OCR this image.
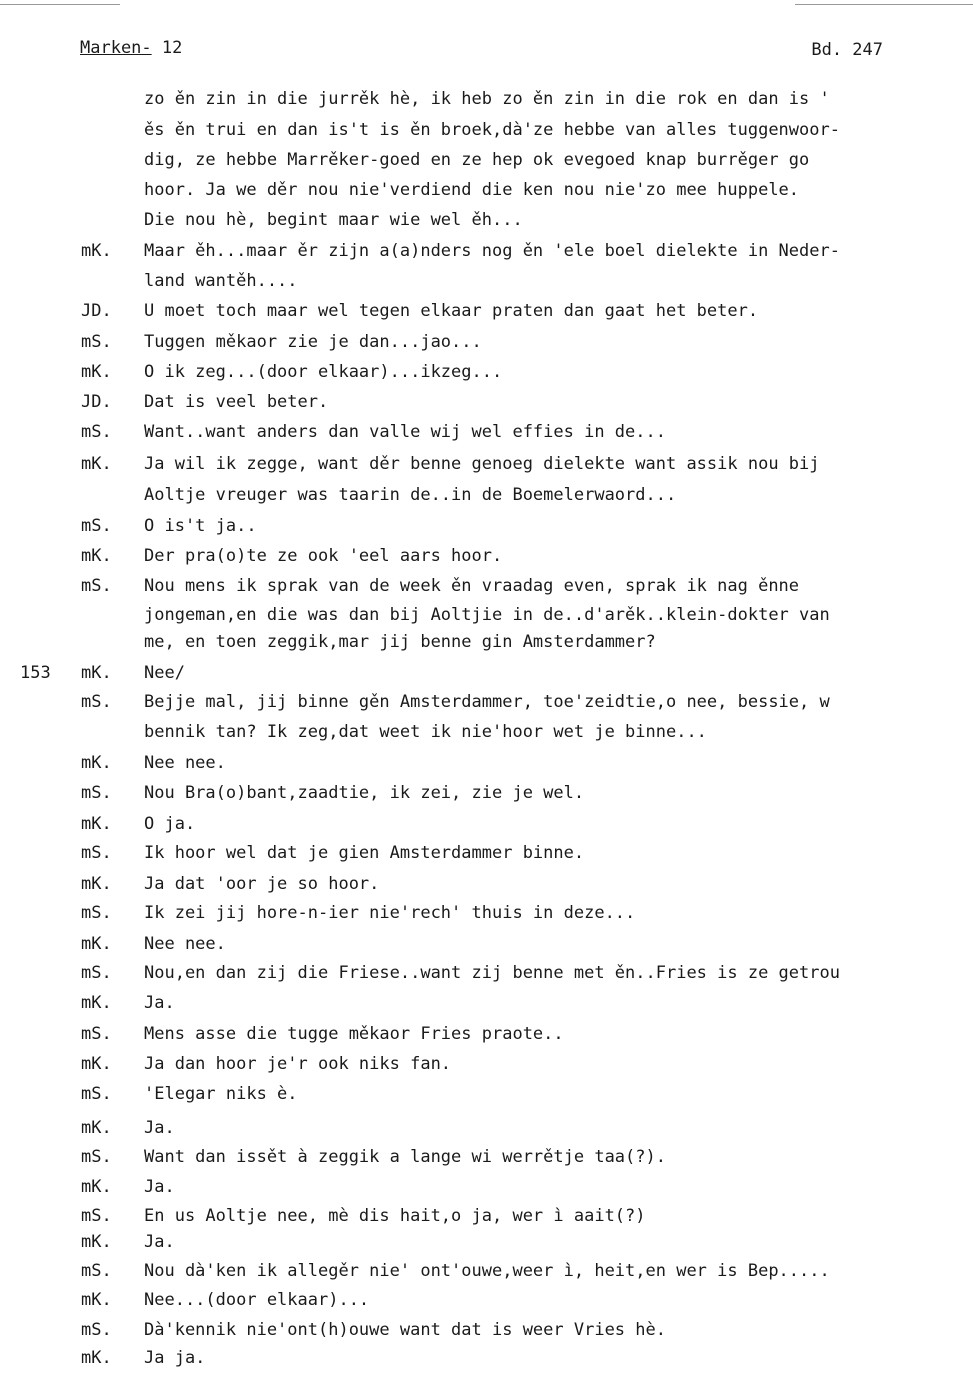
Marken- 12	Bd. 247
zo ěn zin in die jurrěk hè, ik heb zo ěn zin in die rok en dan is '
ěs ěn trui en dan is't is ěn broek,dà'ze hebbe van alles tuggenwoor-
dig, ze hebbe Marrěker-goed en ze hep ok evegoed knap burrěger go
hoor. Ja we děr nou nie'verdiend die ken nou nie'zo mee huppele.
Die nou hè, begint maar wie wel ěh...
mK. Maar ěh...maar ěr zijn a(a)nders nog ěn 'ele boel dielekte in Neder-
land wantěh....
JD. U moet toch maar wel tegen elkaar praten dan gaat het beter.
mS. Tuggen měkaor zie je dan...jao...
mK. O ik zeg...(door elkaar)...ikzeg...
JD. Dat is veel beter.
mS. Want..want anders dan valle wij wel effies in de...
mK. Ja wil ik zegge, want děr benne genoeg dielekte want assik nou bij
Aoltje vreuger was taarin de..in de Boemelerwaord...
mS. O is't ja..
mK. Der pra(o)te ze ook 'eel aars hoor.
mS. Nou mens ik sprak van de week ěn vraadag even, sprak ik nag ěnne
jongeman,en die was dan bij Aoltjie in de..d'arěk..klein-dokter van
me, en toen zeggik,mar jij benne gin Amsterdammer?
153 mK. Nee/
mS. Bejje mal, jij binne gěn Amsterdammer, toe'zeidtie,o nee, bessie, w
bennik tan? Ik zeg,dat weet ik nie'hoor wet je binne...
mK. Nee nee.
mS. Nou Bra(o)bant,zaadtie, ik zei, zie je wel.
mK. O ja.
mS. Ik hoor wel dat je gien Amsterdammer binne.
mK. Ja dat 'oor je so hoor.
mS. Ik zei jij hore-n-ier nie'rech' thuis in deze...
mK. Nee nee.
mS. Nou,en dan zij die Friese..want zij benne met ěn..Fries is ze getrou
mK. Ja.
mS. Mens asse die tugge měkaor Fries praote..
mK. Ja dan hoor je'r ook niks fan.
mS. 'Elegar niks è.
mK. Ja.
mS. Want dan issět à zeggik a lange wi werrětje taa(?).
mK. Ja.
mS. En us Aoltje nee, mè dis hait,o ja, wer ì aait(?)
mK. Ja.
mS. Nou dà'ken ik allegěr nie' ont'ouwe,weer ì, heit,en wer is Bep.....
mK. Nee...(door elkaar)...
mS. Dà'kennik nie'ont(h)ouwe want dat is weer Vries hè.
mK. Ja ja.
